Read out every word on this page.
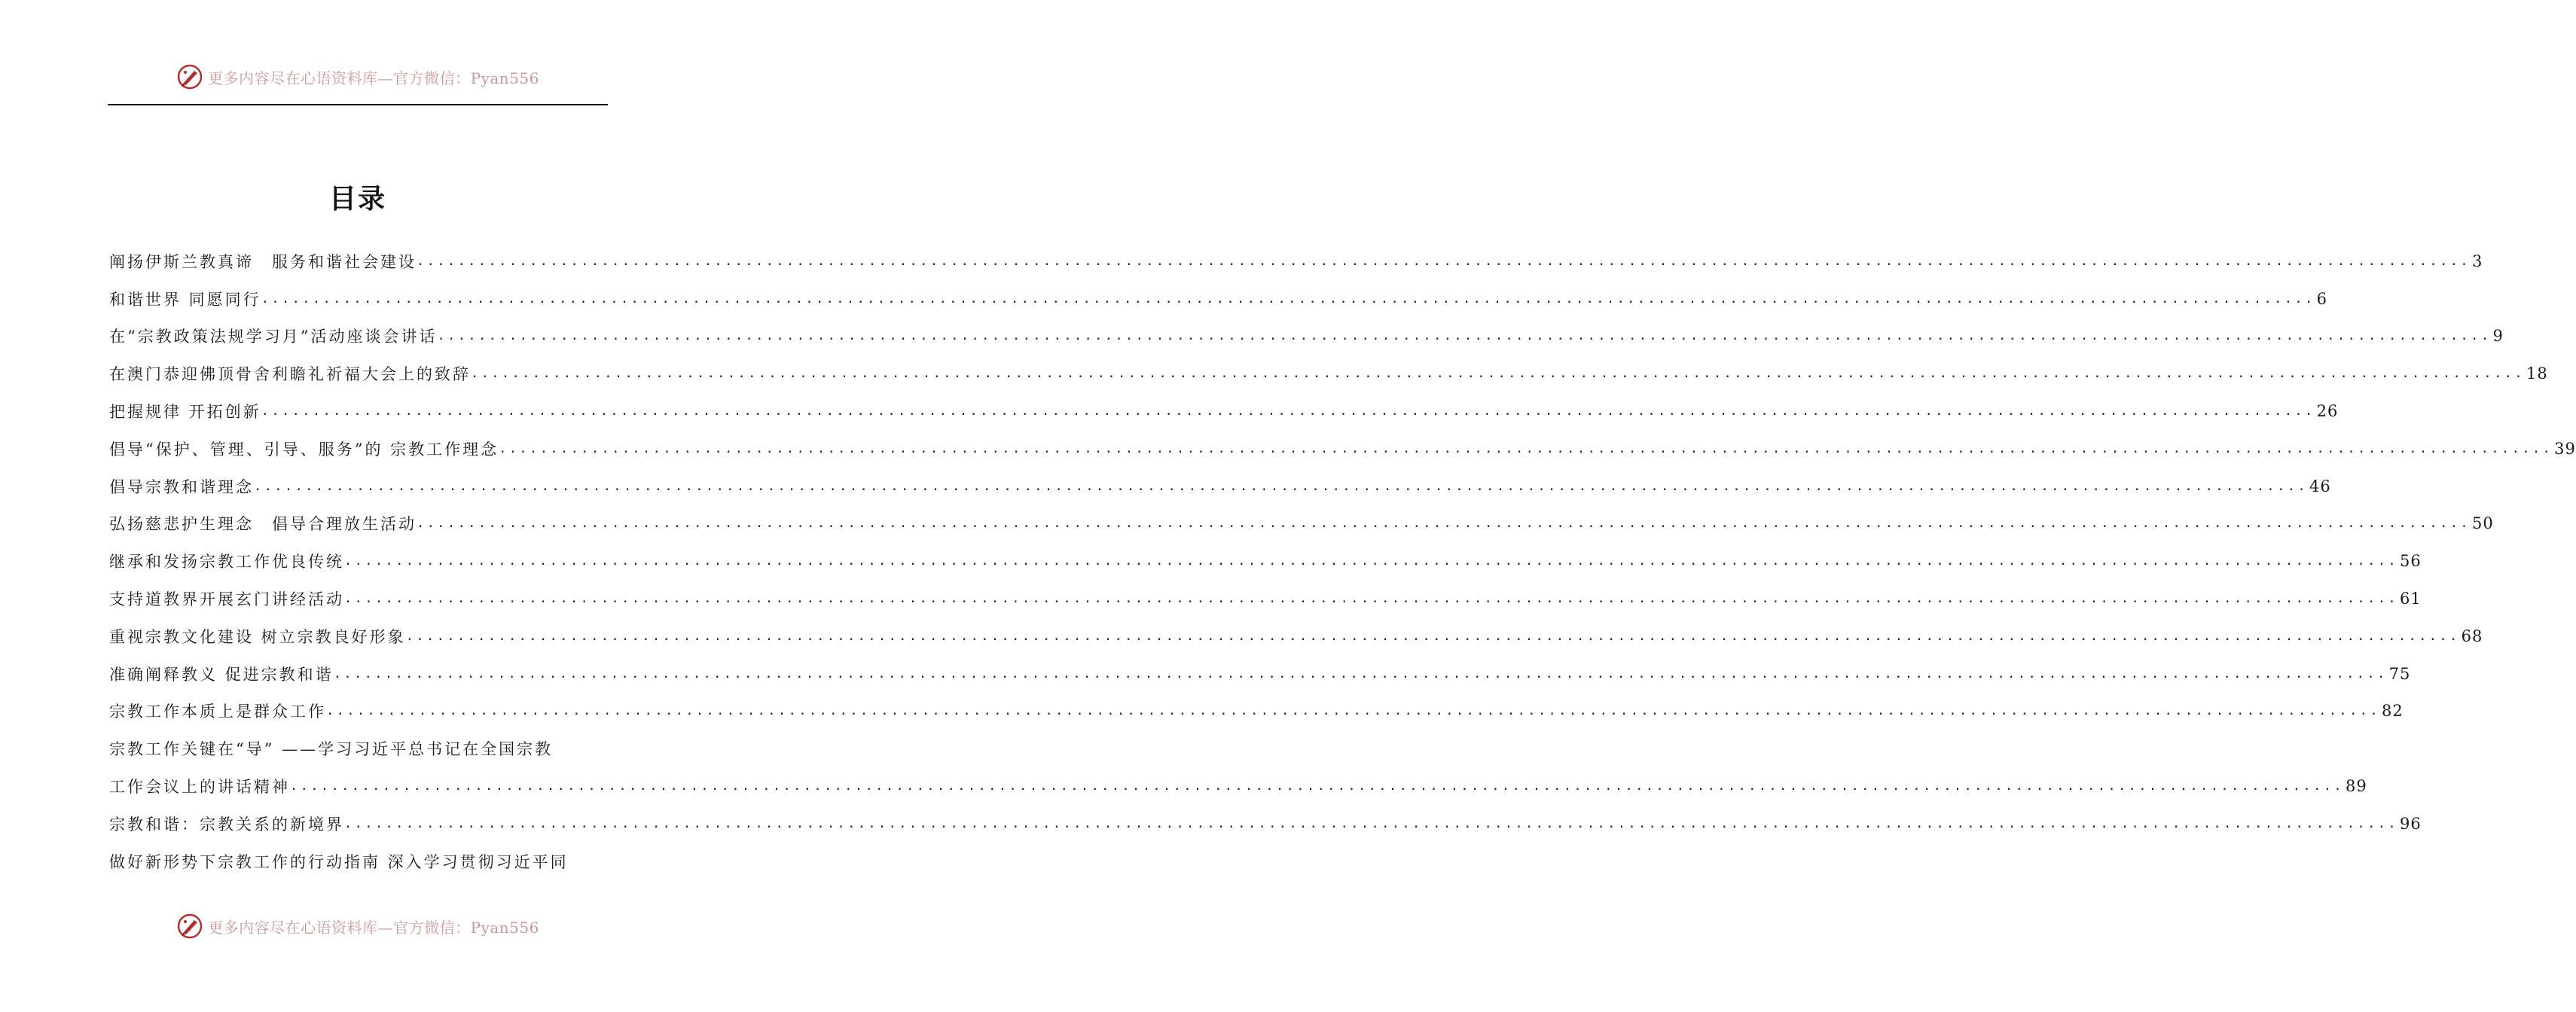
更多内容尽在心语资料库—官方微信：Pyan556
目录
阐扬伊斯兰教真谛　服务和谐社会建设 ........................................................................................................................................................................................................ 3
和谐世界 同愿同行 ........................................................................................................................................................................................................ 6
在“宗教政策法规学习月”活动座谈会讲话 ........................................................................................................................................................................................................ 9
在澳门恭迎佛顶骨舍利瞻礼祈福大会上的致辞 ........................................................................................................................................................................................................ 18
把握规律 开拓创新 ........................................................................................................................................................................................................ 26
倡导“保护、管理、引导、服务”的 宗教工作理念 ........................................................................................................................................................................................................ 39
倡导宗教和谐理念 ........................................................................................................................................................................................................ 46
弘扬慈悲护生理念　倡导合理放生活动 ........................................................................................................................................................................................................ 50
继承和发扬宗教工作优良传统 ........................................................................................................................................................................................................ 56
支持道教界开展玄门讲经活动 ........................................................................................................................................................................................................ 61
重视宗教文化建设 树立宗教良好形象 ........................................................................................................................................................................................................ 68
准确阐释教义 促进宗教和谐 ........................................................................................................................................................................................................ 75
宗教工作本质上是群众工作 ........................................................................................................................................................................................................ 82
宗教工作关键在“导” ——学习习近平总书记在全国宗教
工作会议上的讲话精神 ........................................................................................................................................................................................................ 89
宗教和谐：宗教关系的新境界 ........................................................................................................................................................................................................ 96
做好新形势下宗教工作的行动指南 深入学习贯彻习近平同
更多内容尽在心语资料库—官方微信：Pyan556
